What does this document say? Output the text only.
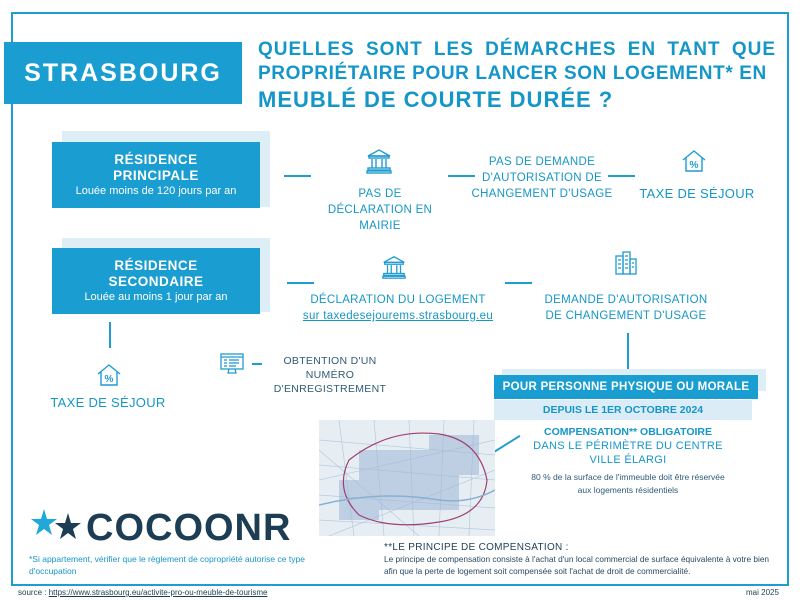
STRASBOURG
QUELLES SONT LES DÉMARCHES EN TANT QUE
PROPRIÉTAIRE POUR LANCER SON LOGEMENT* EN
MEUBLÉ DE COURTE DURÉE ?
RÉSIDENCE PRINCIPALE
Louée moins de 120 jours par an	PAS DE DÉCLARATION EN MAIRIE
PAS DE DEMANDE D'AUTORISATION DE CHANGEMENT D'USAGE
%
TAXE DE SÉJOUR
RÉSIDENCE SECONDAIRE
Louée au moins 1 jour par an	DÉCLARATION DU LOGEMENT
sur taxedesejourems.strasbourg.eu
DEMANDE D'AUTORISATION DE CHANGEMENT D'USAGE
%
TAXE DE SÉJOUR
OBTENTION D'UN NUMÉRO D'ENREGISTREMENT	POUR PERSONNE PHYSIQUE OU MORALE
DEPUIS LE 1ER OCTOBRE 2024
COMPENSATION** OBLIGATOIRE
DANS LE PÉRIMÈTRE DU CENTRE VILLE ÉLARGI
80 % de la surface de l'immeuble doit être réservée aux logements résidentiels
COCOONR
*Si appartement, vérifier que le règlement de copropriété autorise ce type d'occupation
**LE PRINCIPE DE COMPENSATION :
Le principe de compensation consiste à l'achat d'un local commercial de surface équivalente à votre bien afin que la perte de logement soit compensée soit l'achat de droit de commercialité.
source : https://www.strasbourg.eu/activite-pro-ou-meuble-de-tourisme	mai 2025
